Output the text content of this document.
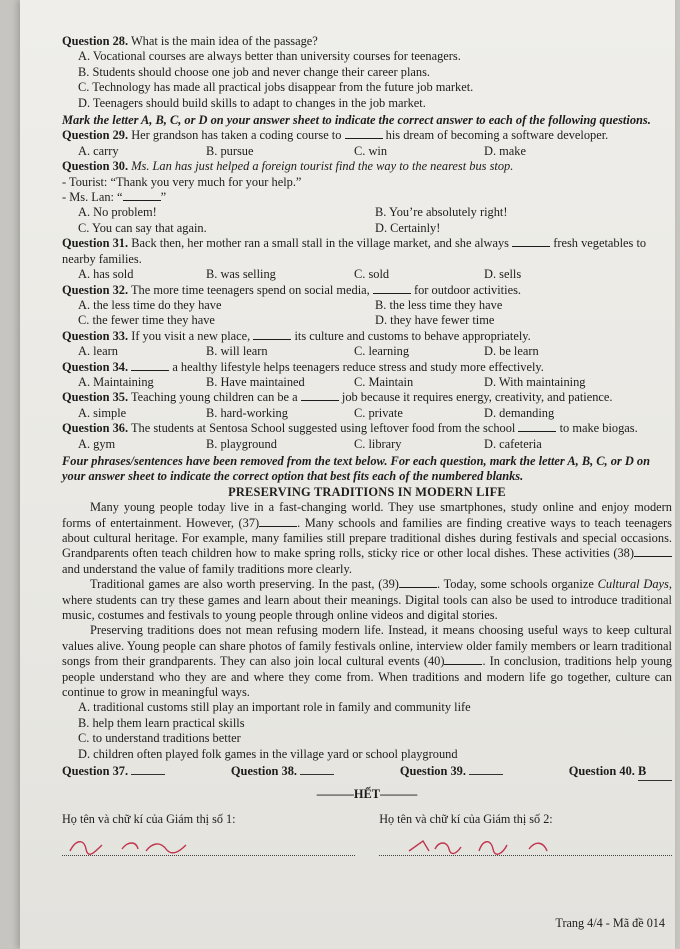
Question 28. What is the main idea of the passage?
A. Vocational courses are always better than university courses for teenagers.
B. Students should choose one job and never change their career plans.
C. Technology has made all practical jobs disappear from the future job market.
D. Teenagers should build skills to adapt to changes in the job market.

Mark the letter A, B, C, or D on your answer sheet to indicate the correct answer to each of the following questions.

Question 29. Her grandson has taken a coding course to	his dream of becoming a software developer.
A. carry	B. pursue	C. win	D. make
Question 30. Ms. Lan has just helped a foreign tourist find the way to the nearest bus stop.
- Tourist: “Thank you very much for your help.”
- Ms. Lan: “	”
A. No problem!	B. You’re absolutely right!
C. You can say that again.	D. Certainly!
Question 31. Back then, her mother ran a small stall in the village market, and she always	fresh vegetables to nearby families.
A. has sold	B. was selling	C. sold	D. sells
Question 32. The more time teenagers spend on social media,	for outdoor activities.
A. the less time do they have	B. the less time they have
C. the fewer time they have	D. they have fewer time
Question 33. If you visit a new place,	its culture and customs to behave appropriately.
A. learn	B. will learn	C. learning	D. be learn
Question 34.	a healthy lifestyle helps teenagers reduce stress and study more effectively.
A. Maintaining	B. Have maintained	C. Maintain	D. With maintaining
Question 35. Teaching young children can be a	job because it requires energy, creativity, and patience.
A. simple	B. hard-working	C. private	D. demanding
Question 36. The students at Sentosa School suggested using leftover food from the school	to make biogas.
A. gym	B. playground	C. library	D. cafeteria

Four phrases/sentences have been removed from the text below. For each question, mark the letter A, B, C, or D on your answer sheet to indicate the correct option that best fits each of the numbered blanks.

PRESERVING TRADITIONS IN MODERN LIFE

Many young people today live in a fast-changing world. They use smartphones, study online and enjoy modern forms of entertainment. However, (37)	. Many schools and families are finding creative ways to teach teenagers about cultural heritage. For example, many families still prepare traditional dishes during festivals and special occasions. Grandparents often teach children how to make spring rolls, sticky rice or other local dishes. These activities (38) and understand the value of family traditions more clearly.

Traditional games are also worth preserving. In the past, (39)	. Today, some schools organize Cultural Days, where students can try these games and learn about their meanings. Digital tools can also be used to introduce traditional music, costumes and festivals to young people through online videos and digital stories.

Preserving traditions does not mean refusing modern life. Instead, it means choosing useful ways to keep cultural values alive. Young people can share photos of family festivals online, interview older family members or learn traditional songs from their grandparents. They can also join local cultural events (40)	. In conclusion, traditions help young people understand who they are and where they come from. When traditions and modern life go together, culture can continue to grow in meaningful ways.

A. traditional customs still play an important role in family and community life
B. help them learn practical skills
C. to understand traditions better
D. children often played folk games in the village yard or school playground
Question 37.	Question 38.	Question 39.	Question 40. B
———HẾT———
Họ tên và chữ kí của Giám thị số 1:	Họ tên và chữ kí của Giám thị số 2:
Trang 4/4 - Mã đề 014
